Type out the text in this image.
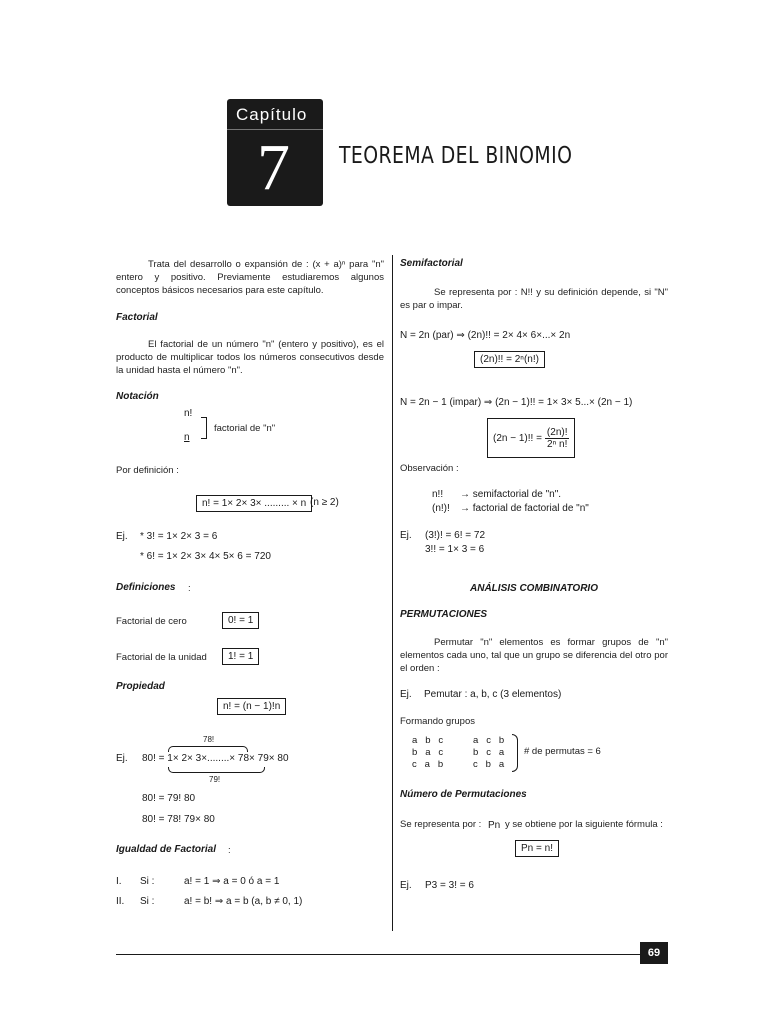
Capítulo
7 TEOREMA DEL BINOMIO
Trata del desarrollo o expansión de : (x + a)ⁿ para "n" entero y positivo. Previamente estudiaremos algunos conceptos básicos necesarios para este capítulo.
Factorial
El factorial de un número "n" (entero y positivo), es el producto de multiplicar todos los números consecutivos desde la unidad hasta el número "n".
Notación
n!
n
factorial de "n"
Por definición :
n! = 1× 2× 3× ......... × n (n ≥ 2)
Ej. * 3! = 1× 2× 3 = 6
* 6! = 1× 2× 3× 4× 5× 6 = 720
Definiciones :
Factorial de cero	0! = 1
Factorial de la unidad	1! = 1
Propiedad
n! = (n − 1)!n
78!
Ej. 80! = 1× 2× 3×........× 78× 79× 80
79!
80! = 79! 80
80! = 78! 79× 80
Igualdad de Factorial :
I. Si :	a! = 1 ⇒ a = 0 ó a = 1
II. Si :	a! = b! ⇒ a = b (a, b ≠ 0, 1)
Semifactorial
Se representa por : N!! y su definición depende, si "N" es par o impar.
N = 2n (par) ⇒ (2n)!! = 2× 4× 6×...× 2n
(2n)!! = 2ⁿ(n!)
N = 2n − 1 (impar) ⇒ (2n − 1)!! = 1× 3× 5...× (2n − 1)
(2n − 1)!! = $\frac{(2n)!}{\text{2ⁿ n!}}$
Observación :
n!! → semifactorial de "n".
(n!)! → factorial de factorial de "n"
Ej. (3!)! = 6! = 72
3!! = 1× 3 = 6
ANÁLISIS COMBINATORIO
PERMUTACIONES
Permutar "n" elementos es formar grupos de "n" elementos cada uno, tal que un grupo se diferencia del otro por el orden :
Ej. Pemutar : a, b, c (3 elementos)
Formando grupos
a   b   c
b   a   c
c   a   b
a   c   b
b   c   a
c   b   a
# de permutas = 6
Número de Permutaciones
Se representa por : Pn y se obtiene por la siguiente fórmula :
Pn = n!
Ej. P3 = 3! = 6
69
